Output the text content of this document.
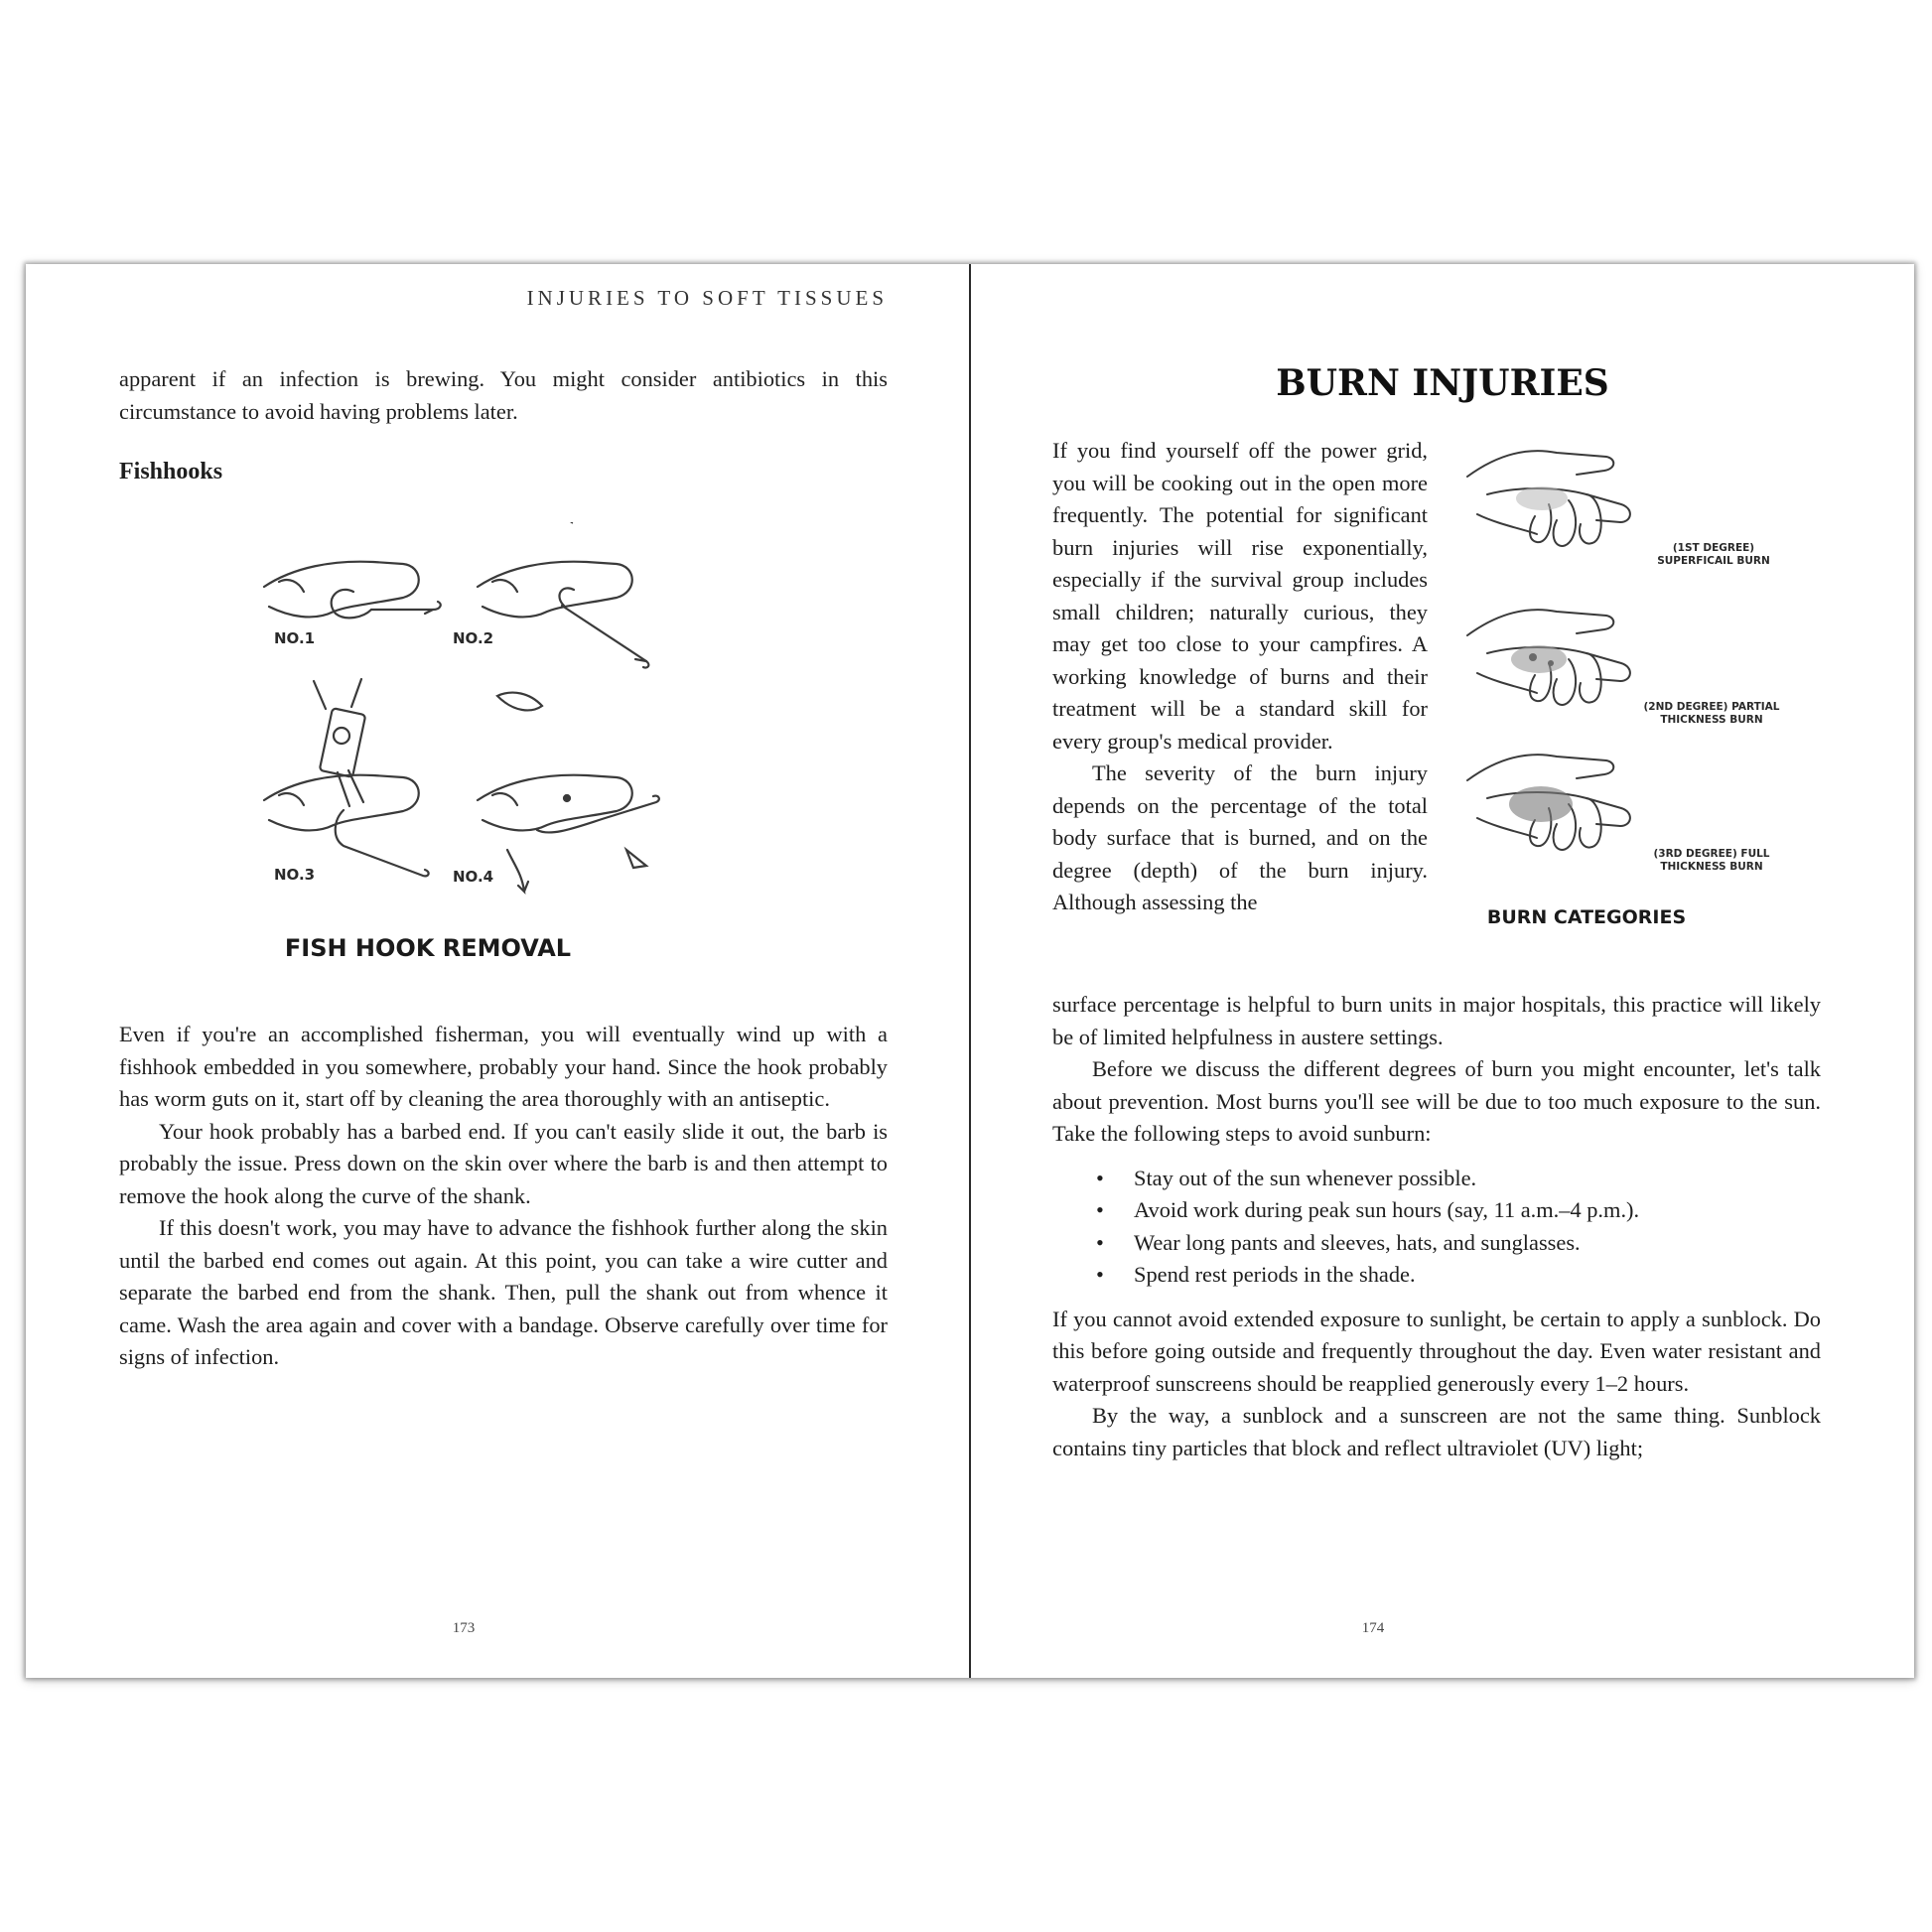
INJURIES TO SOFT TISSUES

apparent if an infection is brewing. You might consider antibiotics in this circumstance to avoid having problems later.

Fishhooks
NO.1	NO.2
NO.3	NO.4
FISH HOOK REMOVAL

Even if you're an accomplished fisherman, you will eventually wind up with a fishhook embedded in you somewhere, probably your hand. Since the hook probably has worm guts on it, start off by cleaning the area thoroughly with an antiseptic.

Your hook probably has a barbed end. If you can't easily slide it out, the barb is probably the issue. Press down on the skin over where the barb is and then attempt to remove the hook along the curve of the shank.

If this doesn't work, you may have to advance the fishhook further along the skin until the barbed end comes out again. At this point, you can take a wire cutter and separate the barbed end from the shank. Then, pull the shank out from whence it came. Wash the area again and cover with a bandage. Observe carefully over time for signs of infection.

173
BURN INJURIES

If you find yourself off the power grid, you will be cooking out in the open more frequently. The potential for significant burn injuries will rise exponentially, especially if the survival group includes small children; naturally curious, they may get too close to your campfires. A working knowledge of burns and their treatment will be a standard skill for every group's medical provider.

The severity of the burn injury depends on the percentage of the total body surface that is burned, and on the degree (depth) of the burn injury. Although assessing the

(1ST DEGREE)
SUPERFICAIL BURN
(2ND DEGREE) PARTIAL
THICKNESS BURN
(3RD DEGREE) FULL
THICKNESS BURN
BURN CATEGORIES

surface percentage is helpful to burn units in major hospitals, this practice will likely be of limited helpfulness in austere settings.

Before we discuss the different degrees of burn you might encounter, let's talk about prevention. Most burns you'll see will be due to too much exposure to the sun. Take the following steps to avoid sunburn:

• Stay out of the sun whenever possible.
• Avoid work during peak sun hours (say, 11 a.m.–4 p.m.).
• Wear long pants and sleeves, hats, and sunglasses.
• Spend rest periods in the shade.

If you cannot avoid extended exposure to sunlight, be certain to apply a sunblock. Do this before going outside and frequently throughout the day. Even water resistant and waterproof sunscreens should be reapplied generously every 1–2 hours.

By the way, a sunblock and a sunscreen are not the same thing. Sunblock contains tiny particles that block and reflect ultraviolet (UV) light;

174
